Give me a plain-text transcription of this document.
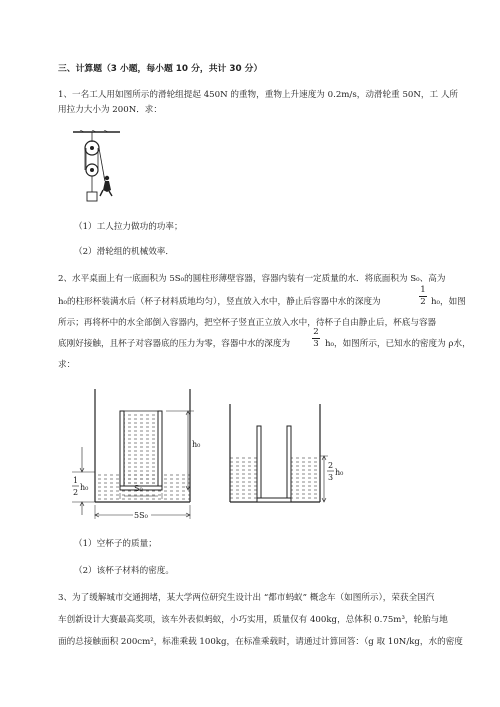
三、计算题（3 小题，每小题 10 分，共计 30 分）
1、一名工人用如图所示的滑轮组提起 450N 的重物，重物上升速度为 0.2m/s，动滑轮重 50N，工 人所
用拉力大小为 200N．求：
（1）工人拉力做功的功率；
（2）滑轮组的机械效率．
2、水平桌面上有一底面积为 5S₀的圆柱形薄壁容器，容器内装有一定质量的水．将底面积为 S₀、高为
h₀的柱形杯装满水后（杯子材料质地均匀），竖直放入水中，静止后容器中水的深度为
1
2 h₀，如图
所示；再将杯中的水全部倒入容器内，把空杯子竖直正立放入水中，待杯子自由静止后，杯底与容器
底刚好接触，且杯子对容器底的压力为零，容器中水的深度为
2
3 h₀，如图所示，已知水的密度为 ρ水，
求：
h₀
1
2
h₀	S₀
5S₀
2
3
h₀
（1）空杯子的质量；
（2）该杯子材料的密度。
3、为了缓解城市交通拥堵，某大学两位研究生设计出 “都市蚂蚁” 概念车（如图所示），荣获全国汽
车创新设计大赛最高奖项，该车外表似蚂蚁，小巧实用，质量仅有 400kg，总体积 0.75m³，轮胎与地
面的总接触面积 200cm²，标准乘载 100kg，在标准乘载时，请通过计算回答：（g 取 10N/kg，水的密度
